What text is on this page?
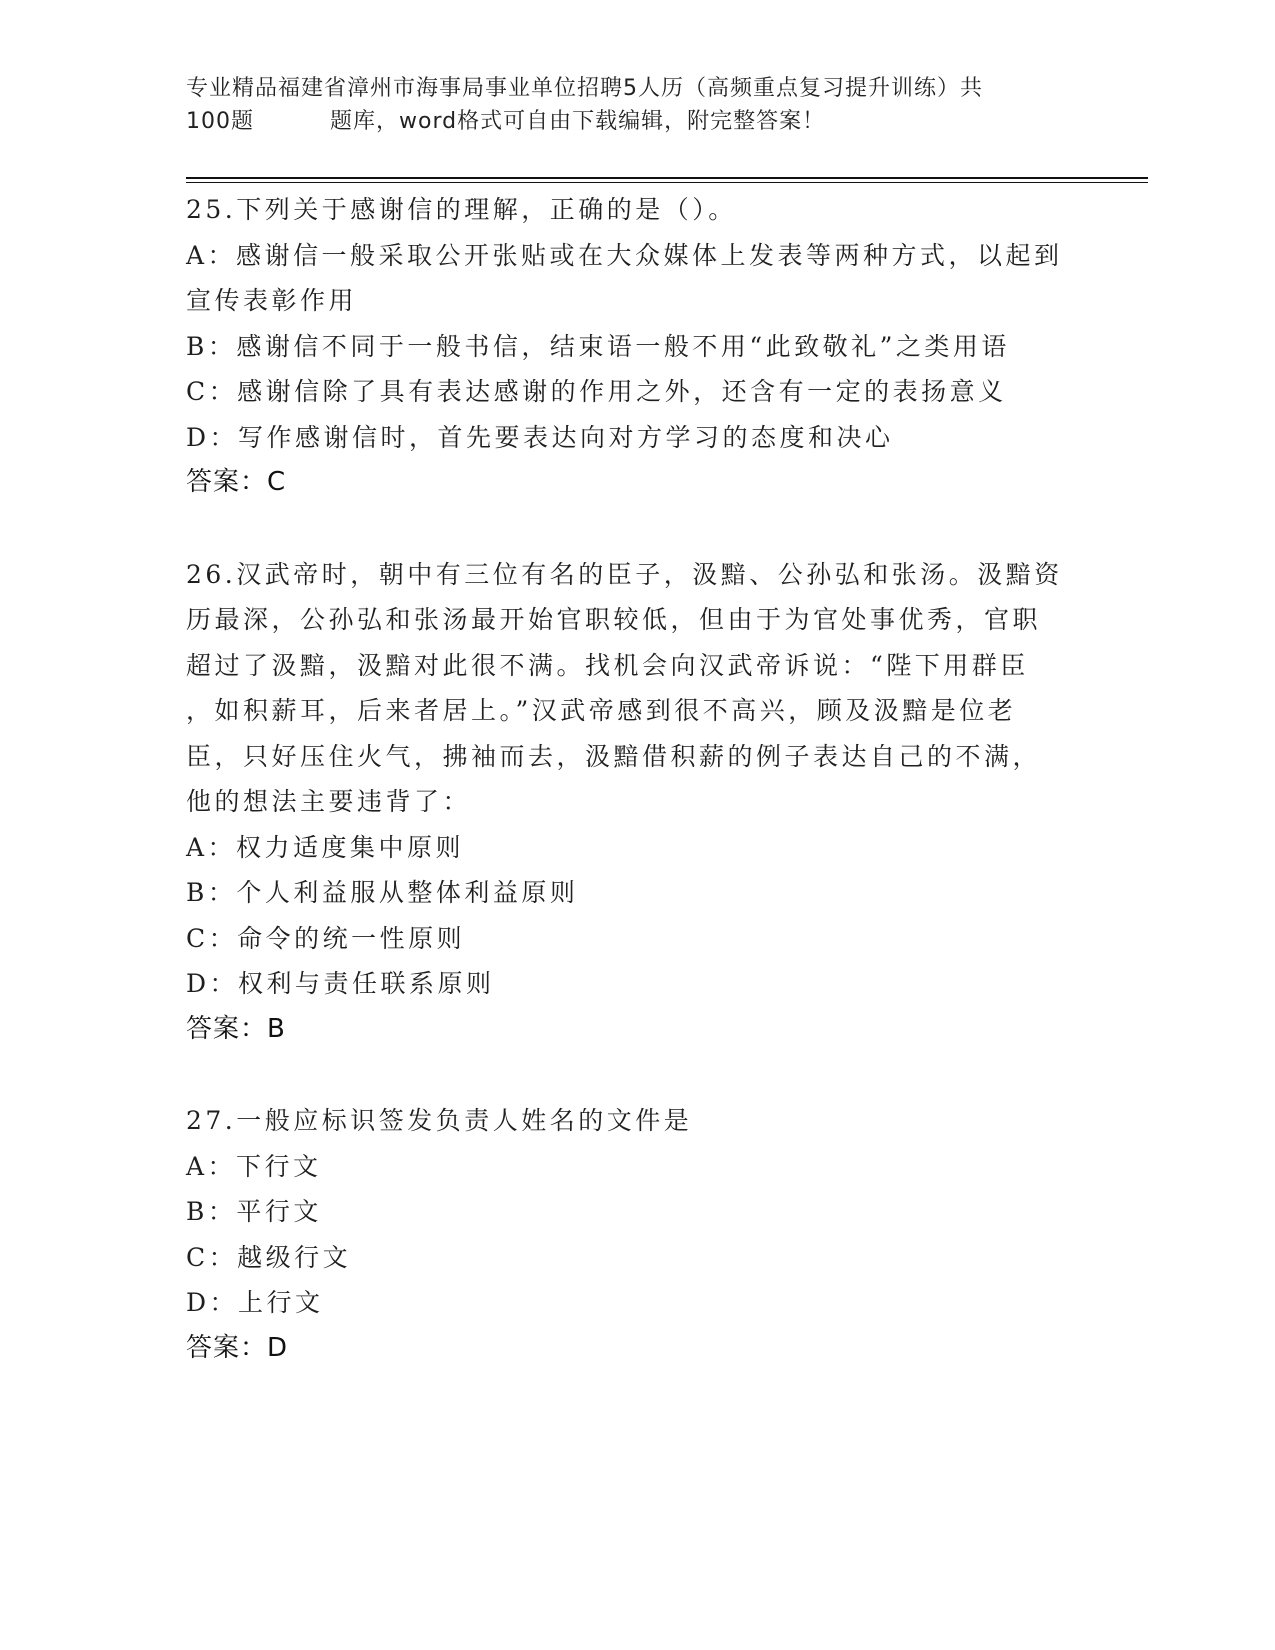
专业精品福建省漳州市海事局事业单位招聘5人历（高频重点复习提升训练）共
100题	题库，word格式可自由下载编辑，附完整答案！

25.下列关于感谢信的理解，正确的是（）。

A：感谢信一般采取公开张贴或在大众媒体上发表等两种方式，以起到
宣传表彰作用

B：感谢信不同于一般书信，结束语一般不用“此致敬礼”之类用语

C：感谢信除了具有表达感谢的作用之外，还含有一定的表扬意义

D：写作感谢信时，首先要表达向对方学习的态度和决心

答案：C

26.汉武帝时，朝中有三位有名的臣子，汲黯、公孙弘和张汤。汲黯资
历最深，公孙弘和张汤最开始官职较低，但由于为官处事优秀，官职
超过了汲黯，汲黯对此很不满。找机会向汉武帝诉说：“陛下用群臣
，如积薪耳，后来者居上。”汉武帝感到很不高兴，顾及汲黯是位老
臣，只好压住火气，拂袖而去，汲黯借积薪的例子表达自己的不满，
他的想法主要违背了：

A：权力适度集中原则

B：个人利益服从整体利益原则

C：命令的统一性原则

D：权利与责任联系原则

答案：B

27.一般应标识签发负责人姓名的文件是

A：下行文

B：平行文

C：越级行文

D：上行文

答案：D
